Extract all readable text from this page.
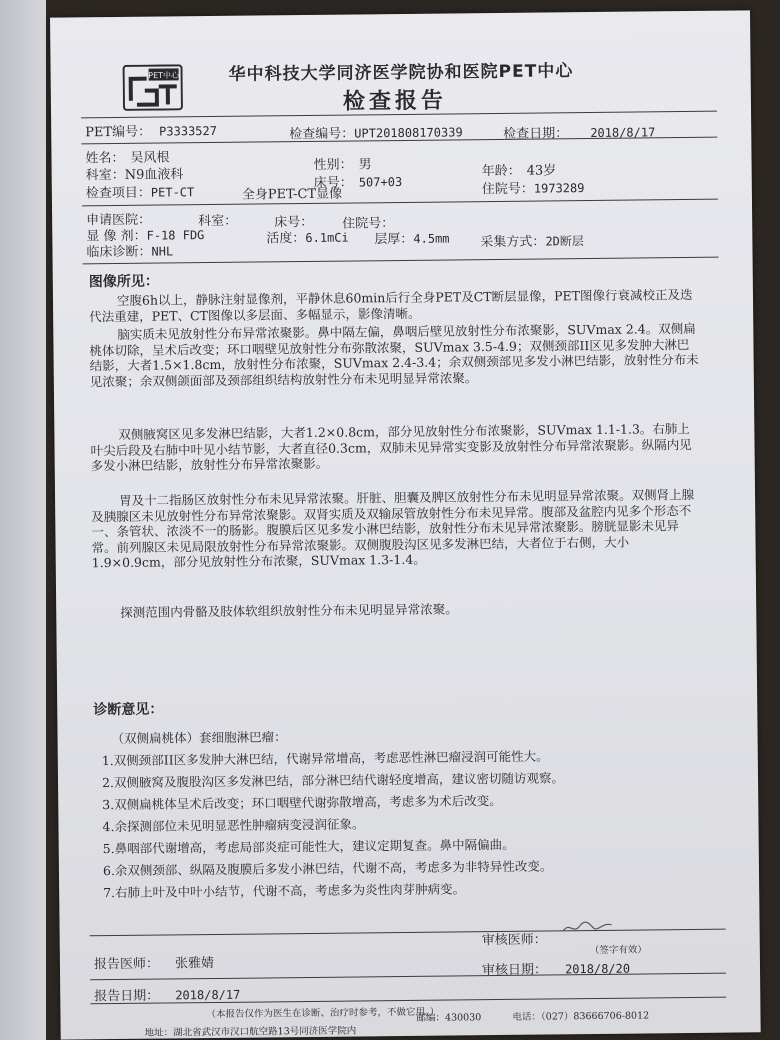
PET中心	华中科技大学同济医学院协和医院PET中心
检查报告
PET编号： P3333527	检查编号：UPT201808170339	检查日期： 2018/8/17
姓名： 吴风根
科室：N9血液科
性别： 男
床号： 507+03
年龄： 43岁
住院号：1973289
检查项目：PET-CT	全身PET-CT显像
申请医院：	科室：	床号： 住院号：
显 像 剂：F-18 FDG	活度：6.1mCi 层厚：4.5mm 采集方式：2D断层
临床诊断：NHL
图像所见：
空腹6h以上，静脉注射显像剂，平静休息60min后行全身PET及CT断层显像，PET图像行衰减校正及迭代法重建，PET、CT图像以多层面、多幅显示，影像清晰。
脑实质未见放射性分布异常浓聚影。鼻中隔左偏，鼻咽后壁见放射性分布浓聚影，SUVmax 2.4。双侧扁桃体切除，呈术后改变；环口咽壁见放射性分布弥散浓聚，SUVmax 3.5-4.9；双侧颈部II区见多发肿大淋巴结影，大者1.5×1.8cm，放射性分布浓聚，SUVmax 2.4-3.4；余双侧颈部见多发小淋巴结影，放射性分布未见浓聚；余双侧颌面部及颈部组织结构放射性分布未见明显异常浓聚。
双侧腋窝区见多发淋巴结影，大者1.2×0.8cm，部分见放射性分布浓聚影，SUVmax 1.1-1.3。右肺上叶尖后段及右肺中叶见小结节影，大者直径0.3cm，双肺未见异常实变影及放射性分布异常浓聚影。纵隔内见多发小淋巴结影，放射性分布异常浓聚影。
胃及十二指肠区放射性分布未见异常浓聚。肝脏、胆囊及脾区放射性分布未见明显异常浓聚。双侧肾上腺及胰腺区未见放射性分布异常浓聚影。双肾实质及双输尿管放射性分布未见异常。腹部及盆腔内见多个形态不一、条管状、浓淡不一的肠影。腹膜后区见多发小淋巴结影，放射性分布未见异常浓聚影。膀胱显影未见异常。前列腺区未见局限放射性分布异常浓聚影。双侧腹股沟区见多发淋巴结，大者位于右侧，大小1.9×0.9cm，部分见放射性分布浓聚，SUVmax 1.3-1.4。
探测范围内骨骼及肢体软组织放射性分布未见明显异常浓聚。
诊断意见：
（双侧扁桃体）套细胞淋巴瘤：
1.双侧颈部II区多发肿大淋巴结，代谢异常增高，考虑恶性淋巴瘤浸润可能性大。
2.双侧腋窝及腹股沟区多发淋巴结，部分淋巴结代谢轻度增高，建议密切随访观察。
3.双侧扁桃体呈术后改变；环口咽壁代谢弥散增高，考虑多为术后改变。
4.余探测部位未见明显恶性肿瘤病变浸润征象。
5.鼻咽部代谢增高，考虑局部炎症可能性大，建议定期复查。鼻中隔偏曲。
6.余双侧颈部、纵隔及腹膜后多发小淋巴结，代谢不高，考虑多为非特异性改变。
7.右肺上叶及中叶小结节，代谢不高，考虑多为炎性肉芽肿病变。
审核医师：
（签字有效）
报告医师： 张雅婧	审核日期： 2018/8/20
报告日期： 2018/8/17
（本报告仅作为医生在诊断、治疗时参考，不做它用。）
邮编：430030	电话：（027）83666706-8012
地址：湖北省武汉市汉口航空路13号同济医学院内
